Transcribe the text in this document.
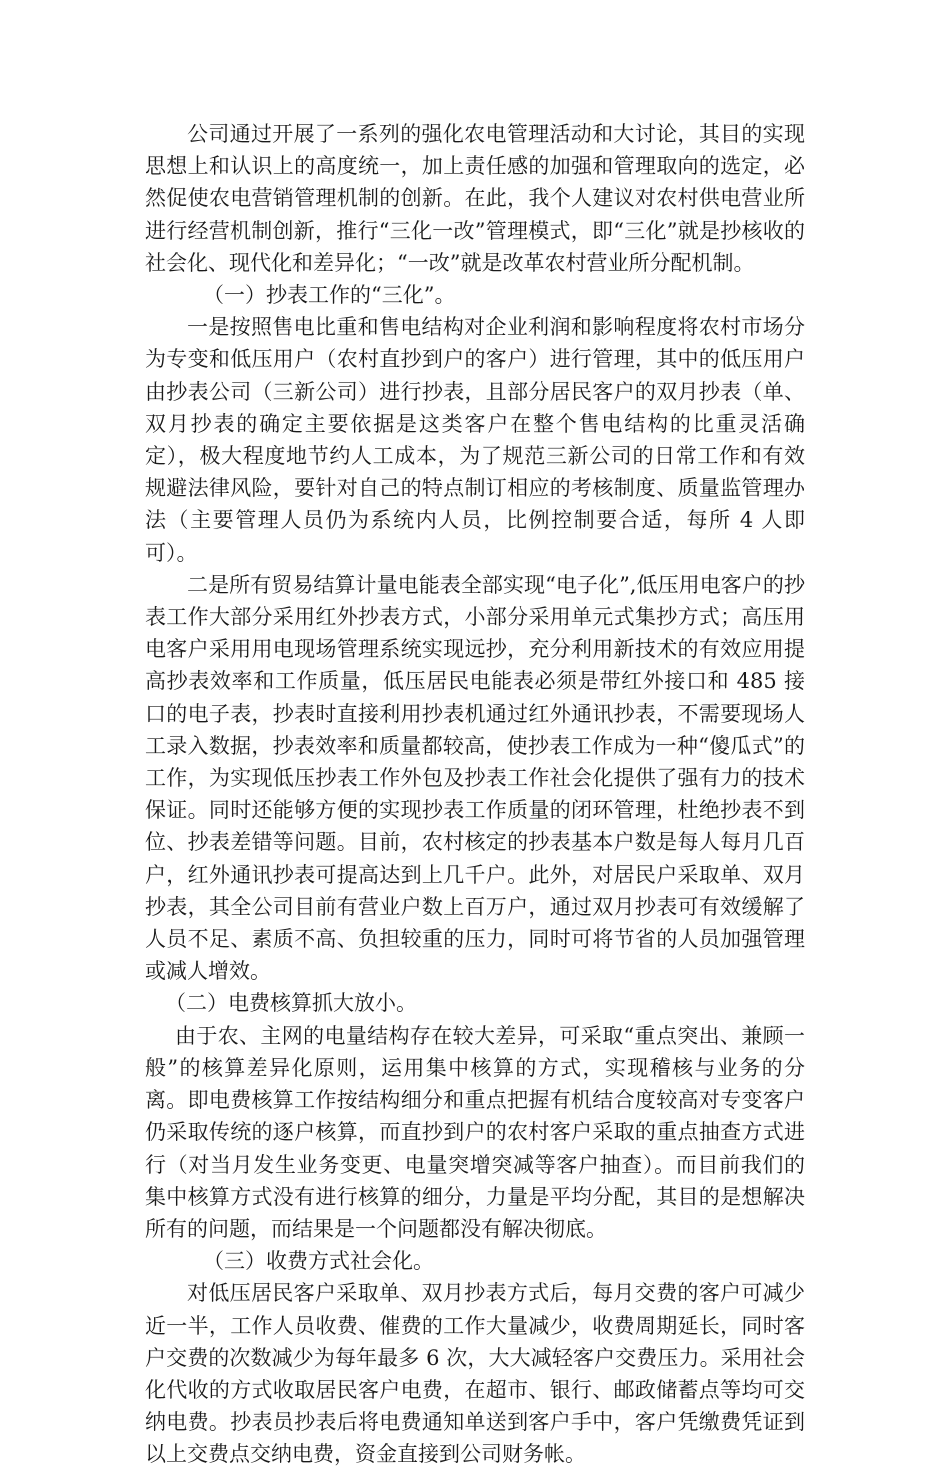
公司通过开展了一系列的强化农电管理活动和大讨论，其目的实现思想上和认识上的高度统一，加上责任感的加强和管理取向的选定，必然促使农电营销管理机制的创新。在此，我个人建议对农村供电营业所进行经营机制创新，推行“三化一改”管理模式，即“三化”就是抄核收的社会化、现代化和差异化；“一改”就是改革农村营业所分配机制。

（一）抄表工作的“三化”。

一是按照售电比重和售电结构对企业利润和影响程度将农村市场分为专变和低压用户（农村直抄到户的客户）进行管理，其中的低压用户由抄表公司（三新公司）进行抄表，且部分居民客户的双月抄表（单、双月抄表的确定主要依据是这类客户在整个售电结构的比重灵活确定），极大程度地节约人工成本，为了规范三新公司的日常工作和有效规避法律风险，要针对自己的特点制订相应的考核制度、质量监管理办法（主要管理人员仍为系统内人员，比例控制要合适，每所 4 人即可）。

二是所有贸易结算计量电能表全部实现“电子化”,低压用电客户的抄表工作大部分采用红外抄表方式，小部分采用单元式集抄方式；高压用电客户采用用电现场管理系统实现远抄，充分利用新技术的有效应用提高抄表效率和工作质量，低压居民电能表必须是带红外接口和 485 接口的电子表，抄表时直接利用抄表机通过红外通讯抄表，不需要现场人工录入数据，抄表效率和质量都较高，使抄表工作成为一种“傻瓜式”的工作，为实现低压抄表工作外包及抄表工作社会化提供了强有力的技术保证。同时还能够方便的实现抄表工作质量的闭环管理，杜绝抄表不到位、抄表差错等问题。目前，农村核定的抄表基本户数是每人每月几百户，红外通讯抄表可提高达到上几千户。此外，对居民户采取单、双月抄表，其全公司目前有营业户数上百万户，通过双月抄表可有效缓解了人员不足、素质不高、负担较重的压力，同时可将节省的人员加强管理或减人增效。

（二）电费核算抓大放小。

由于农、主网的电量结构存在较大差异，可采取“重点突出、兼顾一般”的核算差异化原则，运用集中核算的方式，实现稽核与业务的分离。即电费核算工作按结构细分和重点把握有机结合度较高对专变客户仍采取传统的逐户核算，而直抄到户的农村客户采取的重点抽查方式进行（对当月发生业务变更、电量突增突减等客户抽查）。而目前我们的集中核算方式没有进行核算的细分，力量是平均分配，其目的是想解决所有的问题，而结果是一个问题都没有解决彻底。

（三）收费方式社会化。

对低压居民客户采取单、双月抄表方式后，每月交费的客户可减少近一半，工作人员收费、催费的工作大量减少，收费周期延长，同时客户交费的次数减少为每年最多 6 次，大大减轻客户交费压力。采用社会化代收的方式收取居民客户电费，在超市、银行、邮政储蓄点等均可交纳电费。抄表员抄表后将电费通知单送到客户手中，客户凭缴费凭证到以上交费点交纳电费，资金直接到公司财务帐。
